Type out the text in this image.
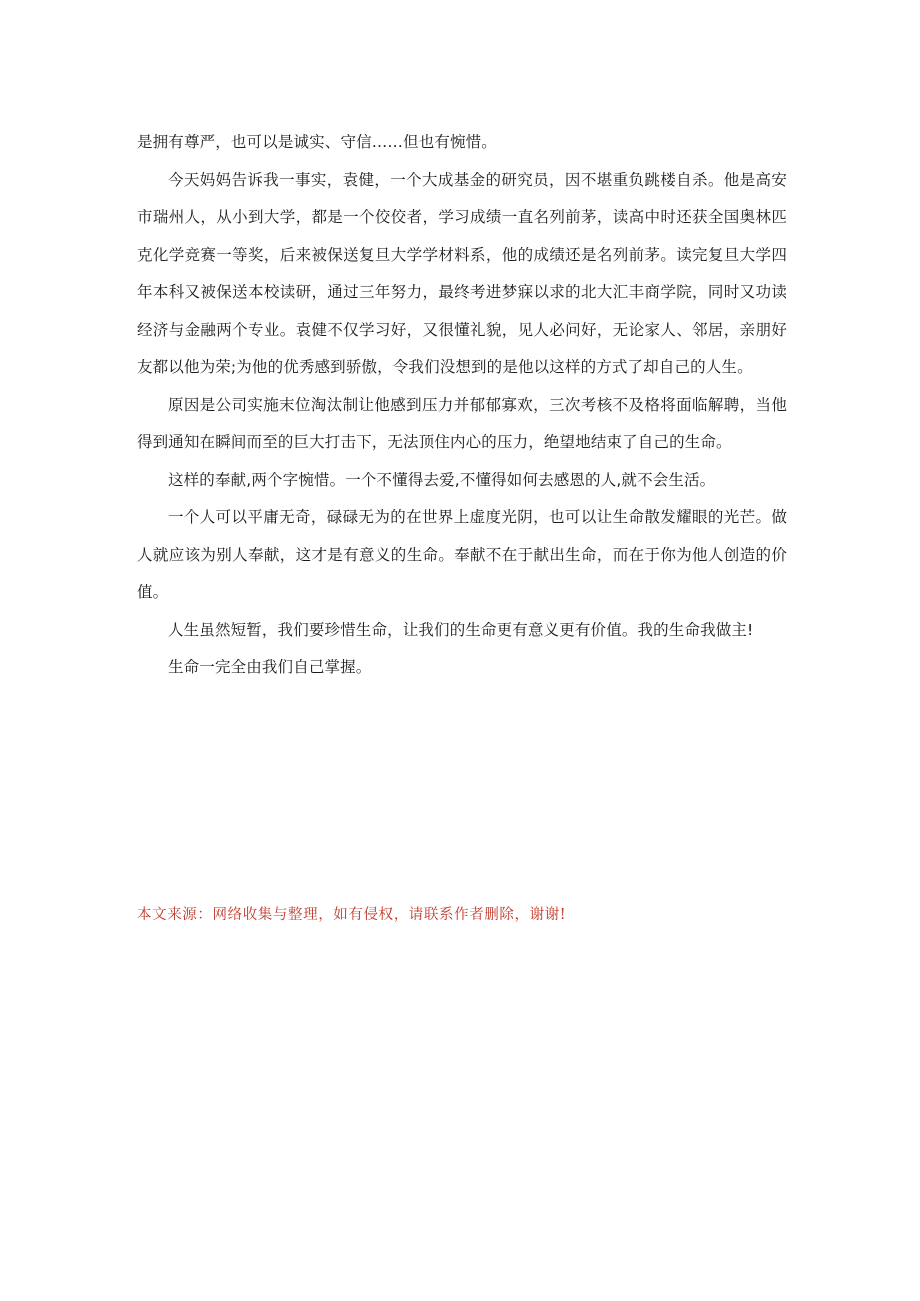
是拥有尊严，也可以是诚实、守信……但也有惋惜。

今天妈妈告诉我一事实，袁健，一个大成基金的研究员，因不堪重负跳楼自杀。他是高安市瑞州人，从小到大学，都是一个佼佼者，学习成绩一直名列前茅，读高中时还获全国奥林匹克化学竞赛一等奖，后来被保送复旦大学学材料系，他的成绩还是名列前茅。读完复旦大学四年本科又被保送本校读研，通过三年努力，最终考进梦寐以求的北大汇丰商学院，同时又功读经济与金融两个专业。袁健不仅学习好，又很懂礼貌，见人必问好，无论家人、邻居，亲朋好友都以他为荣;为他的优秀感到骄傲，令我们没想到的是他以这样的方式了却自己的人生。

原因是公司实施末位淘汰制让他感到压力并郁郁寡欢，三次考核不及格将面临解聘，当他得到通知在瞬间而至的巨大打击下，无法顶住内心的压力，绝望地结束了自己的生命。

这样的奉献,两个字惋惜。一个不懂得去爱,不懂得如何去感恩的人,就不会生活。

一个人可以平庸无奇，碌碌无为的在世界上虚度光阴，也可以让生命散发耀眼的光芒。做人就应该为别人奉献，这才是有意义的生命。奉献不在于献出生命，而在于你为他人创造的价值。

人生虽然短暂，我们要珍惜生命，让我们的生命更有意义更有价值。我的生命我做主!

生命一完全由我们自己掌握。

本文来源：网络收集与整理，如有侵权，请联系作者删除，谢谢!
